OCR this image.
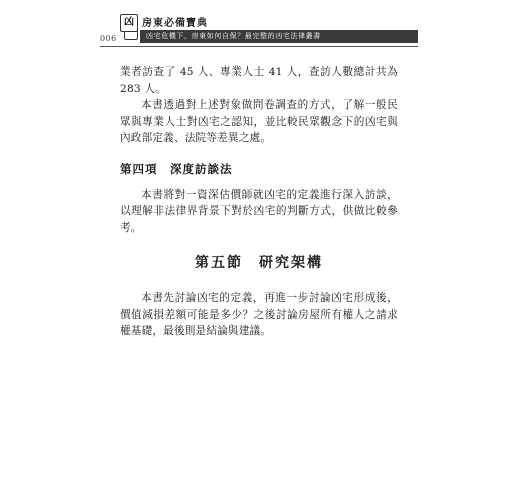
凶 房東必備寶典
006	凶宅危機下，房東如何自保？最完整的凶宅法律叢書

業者訪查了 45 人、專業人士 41 人，查訪人數總計共為 283 人。

本書透過對上述對象做問卷調查的方式，了解一般民眾與專業人士對凶宅之認知，並比較民眾觀念下的凶宅與內政部定義、法院等差異之處。

第四項　深度訪談法

本書將對一資深估價師就凶宅的定義進行深入訪談，以理解非法律界背景下對於凶宅的判斷方式，供做比較參考。

第五節　研究架構

本書先討論凶宅的定義，再進一步討論凶宅形成後，價值減損差額可能是多少？之後討論房屋所有權人之請求權基礎，最後則是結論與建議。
